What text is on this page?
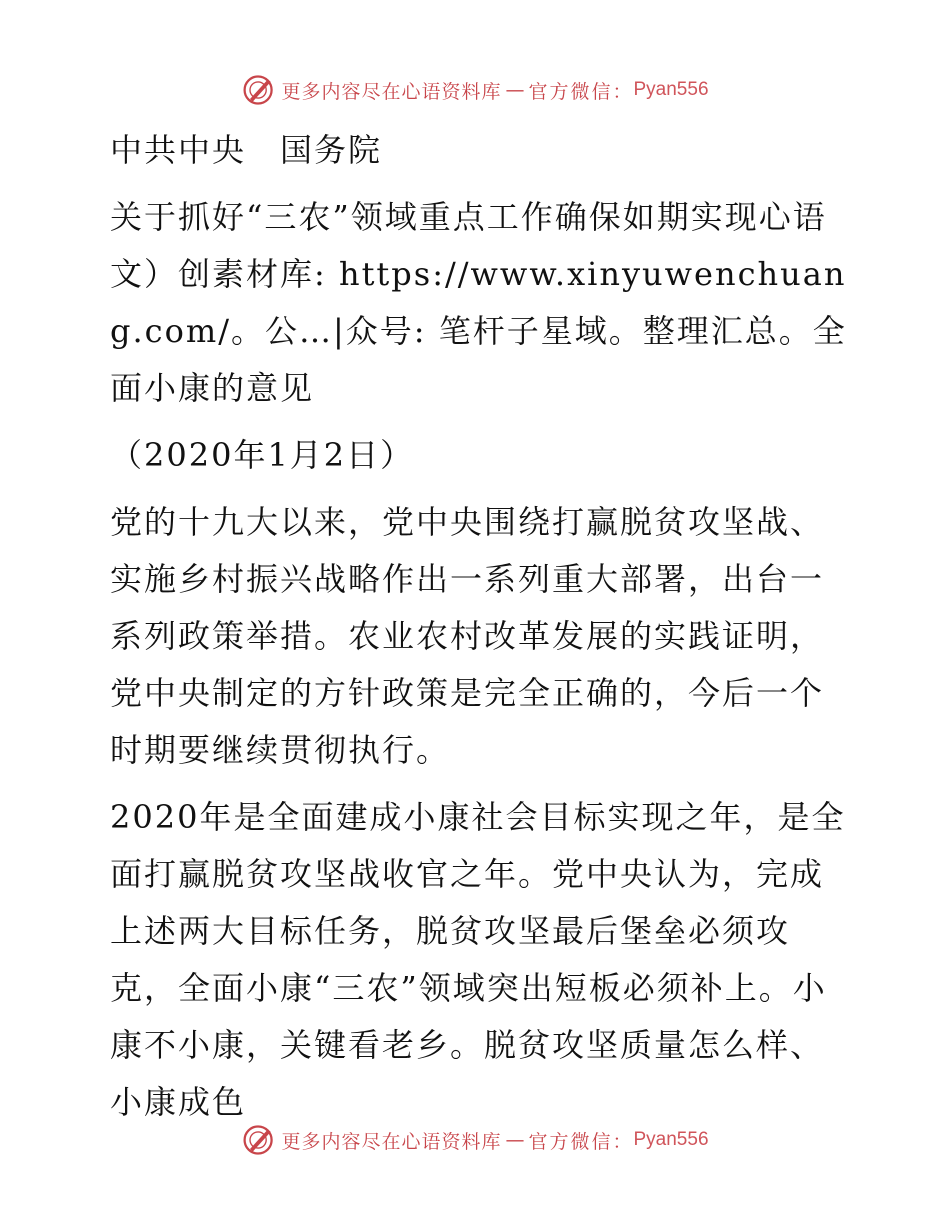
更多内容尽在心语资料库 — 官方微信： Pyan556

中共中央　国务院

关于抓好“三农”领域重点工作确保如期实现心语文）创素材库: https://www.xinyuwenchuang.com/。公…|众号: 笔杆子星域。整理汇总。全面小康的意见

（2020年1月2日）

党的十九大以来，党中央围绕打赢脱贫攻坚战、实施乡村振兴战略作出一系列重大部署，出台一系列政策举措。农业农村改革发展的实践证明，党中央制定的方针政策是完全正确的，今后一个时期要继续贯彻执行。

2020年是全面建成小康社会目标实现之年，是全面打赢脱贫攻坚战收官之年。党中央认为，完成上述两大目标任务，脱贫攻坚最后堡垒必须攻克，全面小康“三农”领域突出短板必须补上。小康不小康，关键看老乡。脱贫攻坚质量怎么样、小康成色

更多内容尽在心语资料库 — 官方微信： Pyan556
